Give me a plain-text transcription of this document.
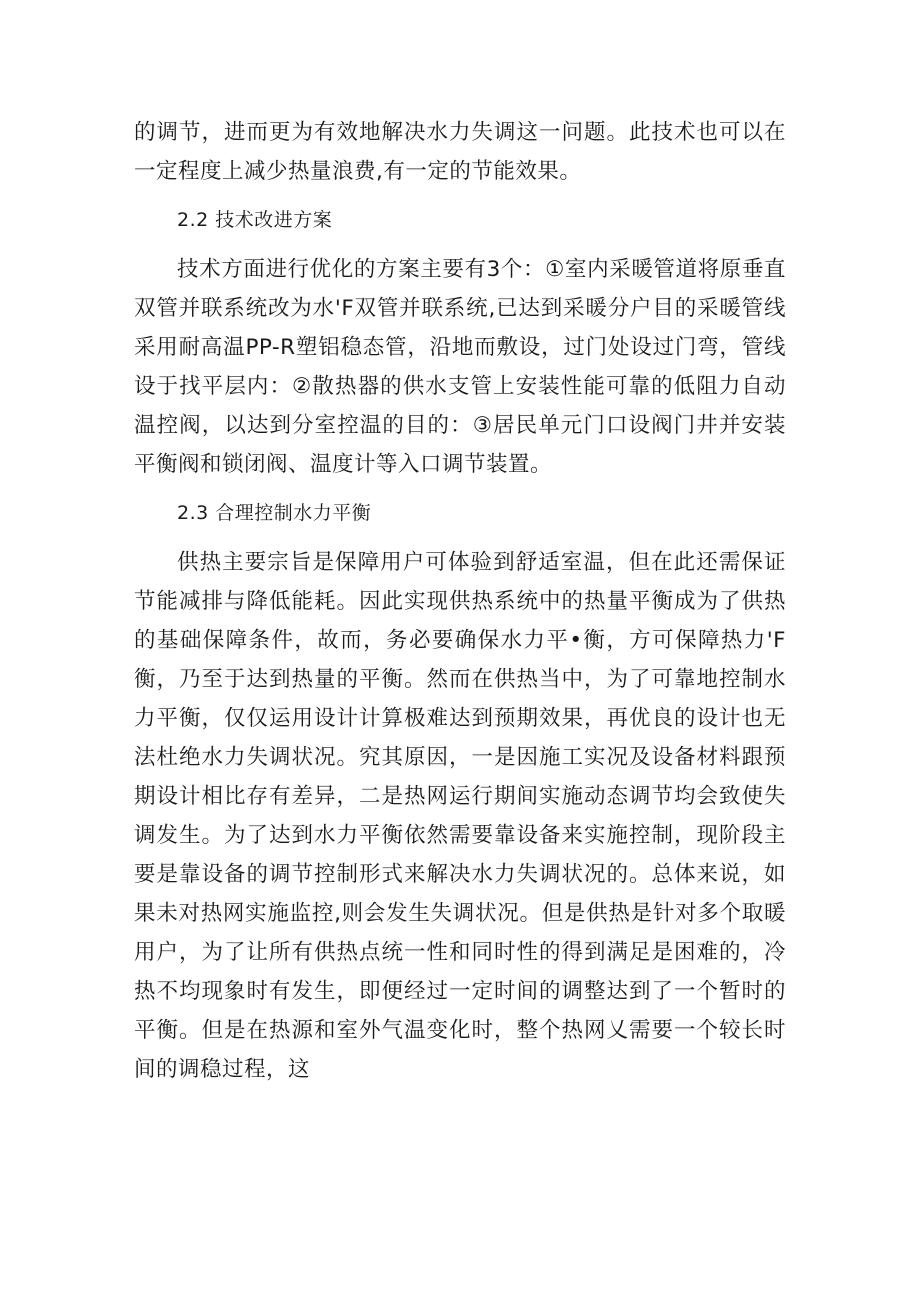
的调节，进而更为有效地解决水力失调这一问题。此技术也可以在一定程度上减少热量浪费,有一定的节能效果。

2.2 技术改进方案

技术方面进行优化的方案主要有3个：①室内采暖管道将原垂直双管并联系统改为水'F双管并联系统,已达到采暖分户目的采暖管线采用耐高温PP-R塑铝稳态管，沿地而敷设，过门处设过门弯，管线设于找平层内：②散热器的供水支管上安装性能可靠的低阻力自动温控阀，以达到分室控温的目的：③居民单元门口设阀门井并安装平衡阀和锁闭阀、温度计等入口调节装置。

2.3 合理控制水力平衡

供热主要宗旨是保障用户可体验到舒适室温，但在此还需保证节能减排与降低能耗。因此实现供热系统中的热量平衡成为了供热的基础保障条件，故而，务必要确保水力平•衡，方可保障热力'F衡，乃至于达到热量的平衡。然而在供热当中，为了可靠地控制水力平衡，仅仅运用设计计算极难达到预期效果，再优良的设计也无法杜绝水力失调状况。究其原因，一是因施工实况及设备材料跟预期设计相比存有差异，二是热网运行期间实施动态调节均会致使失调发生。为了达到水力平衡依然需要靠设备来实施控制，现阶段主要是靠设备的调节控制形式来解决水力失调状况的。总体来说，如果未对热网实施监控,则会发生失调状况。但是供热是针对多个取暖用户，为了让所有供热点统一性和同时性的得到满足是困难的，冷热不均现象时有发生，即便经过一定时间的调整达到了一个暂时的平衡。但是在热源和室外气温变化时，整个热网乂需要一个较长时间的调稳过程，这
